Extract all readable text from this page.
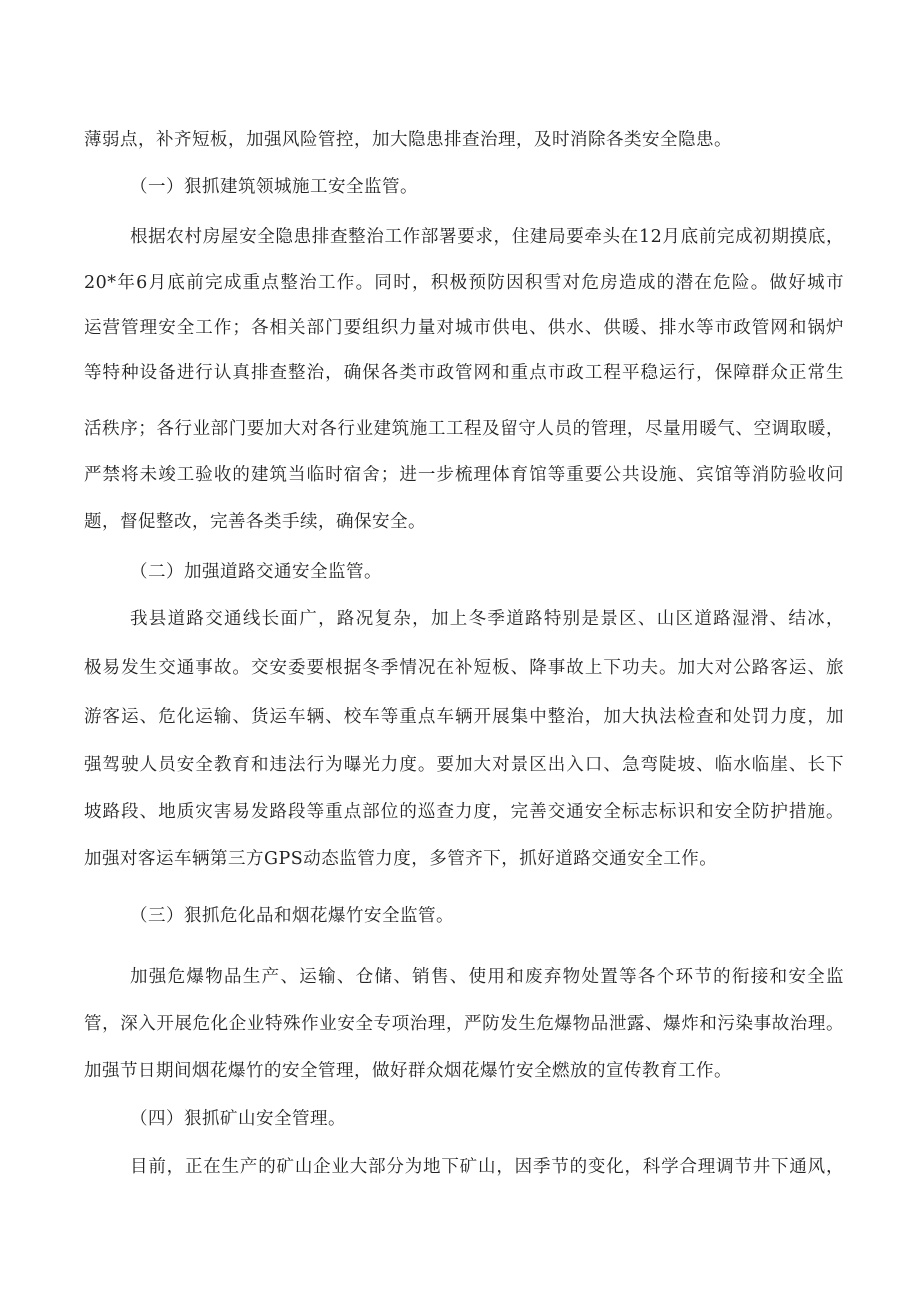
薄弱点，补齐短板，加强风险管控，加大隐患排查治理，及时消除各类安全隐患。
（一）狠抓建筑领城施工安全监管。
根据农村房屋安全隐患排查整治工作部署要求，住建局要牵头在12月底前完成初期摸底，
20*年6月底前完成重点整治工作。同时，积极预防因积雪对危房造成的潜在危险。做好城市
运营管理安全工作；各相关部门要组织力量对城市供电、供水、供暖、排水等市政管网和锅炉
等特种设备进行认真排查整治，确保各类市政管网和重点市政工程平稳运行，保障群众正常生
活秩序；各行业部门要加大对各行业建筑施工工程及留守人员的管理，尽量用暖气、空调取暖，
严禁将未竣工验收的建筑当临时宿舍；进一步梳理体育馆等重要公共设施、宾馆等消防验收问
题，督促整改，完善各类手续，确保安全。
（二）加强道路交通安全监管。
我县道路交通线长面广，路况复杂，加上冬季道路特别是景区、山区道路湿滑、结冰，
极易发生交通事故。交安委要根据冬季情况在补短板、降事故上下功夫。加大对公路客运、旅
游客运、危化运输、货运车辆、校车等重点车辆开展集中整治，加大执法检查和处罚力度，加
强驾驶人员安全教育和违法行为曝光力度。要加大对景区出入口、急弯陡坡、临水临崖、长下
坡路段、地质灾害易发路段等重点部位的巡查力度，完善交通安全标志标识和安全防护措施。
加强对客运车辆第三方GPS动态监管力度，多管齐下，抓好道路交通安全工作。
（三）狠抓危化品和烟花爆竹安全监管。
加强危爆物品生产、运输、仓储、销售、使用和废弃物处置等各个环节的衔接和安全监
管，深入开展危化企业特殊作业安全专项治理，严防发生危爆物品泄露、爆炸和污染事故治理。
加强节日期间烟花爆竹的安全管理，做好群众烟花爆竹安全燃放的宣传教育工作。
（四）狠抓矿山安全管理。
目前，正在生产的矿山企业大部分为地下矿山，因季节的变化，科学合理调节井下通风，
